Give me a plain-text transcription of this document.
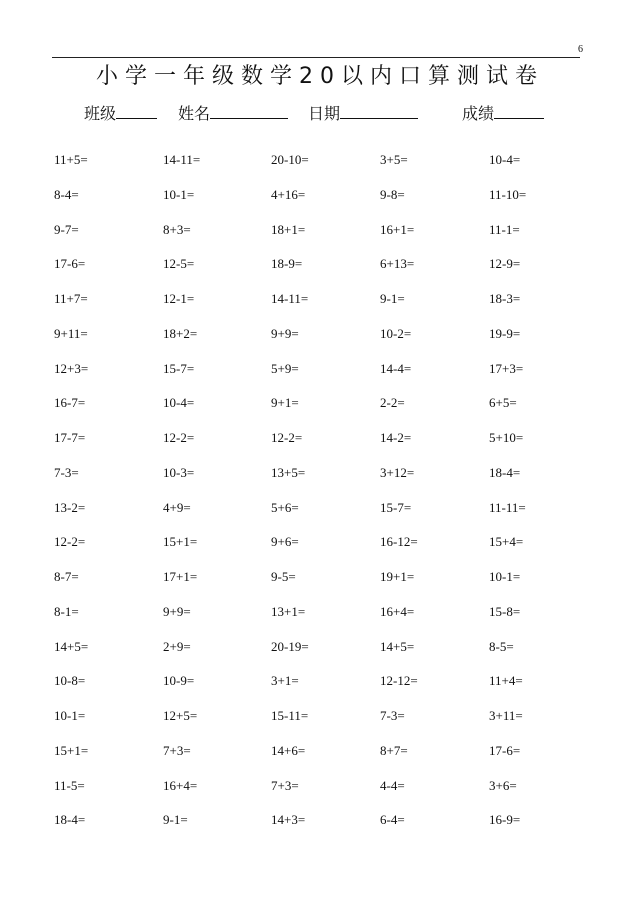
6
小学一年级数学20以内口算测试卷
班级	姓名	日期	成绩
11+5=	14-11=	20-10=	3+5=	10-4=
8-4=	10-1=	4+16=	9-8=	11-10=
9-7=	8+3=	18+1=	16+1=	11-1=
17-6=	12-5=	18-9=	6+13=	12-9=
11+7=	12-1=	14-11=	9-1=	18-3=
9+11=	18+2=	9+9=	10-2=	19-9=
12+3=	15-7=	5+9=	14-4=	17+3=
16-7=	10-4=	9+1=	2-2=	6+5=
17-7=	12-2=	12-2=	14-2=	5+10=
7-3=	10-3=	13+5=	3+12=	18-4=
13-2=	4+9=	5+6=	15-7=	11-11=
12-2=	15+1=	9+6=	16-12=	15+4=
8-7=	17+1=	9-5=	19+1=	10-1=
8-1=	9+9=	13+1=	16+4=	15-8=
14+5=	2+9=	20-19=	14+5=	8-5=
10-8=	10-9=	3+1=	12-12=	11+4=
10-1=	12+5=	15-11=	7-3=	3+11=
15+1=	7+3=	14+6=	8+7=	17-6=
11-5=	16+4=	7+3=	4-4=	3+6=
18-4=	9-1=	14+3=	6-4=	16-9=
